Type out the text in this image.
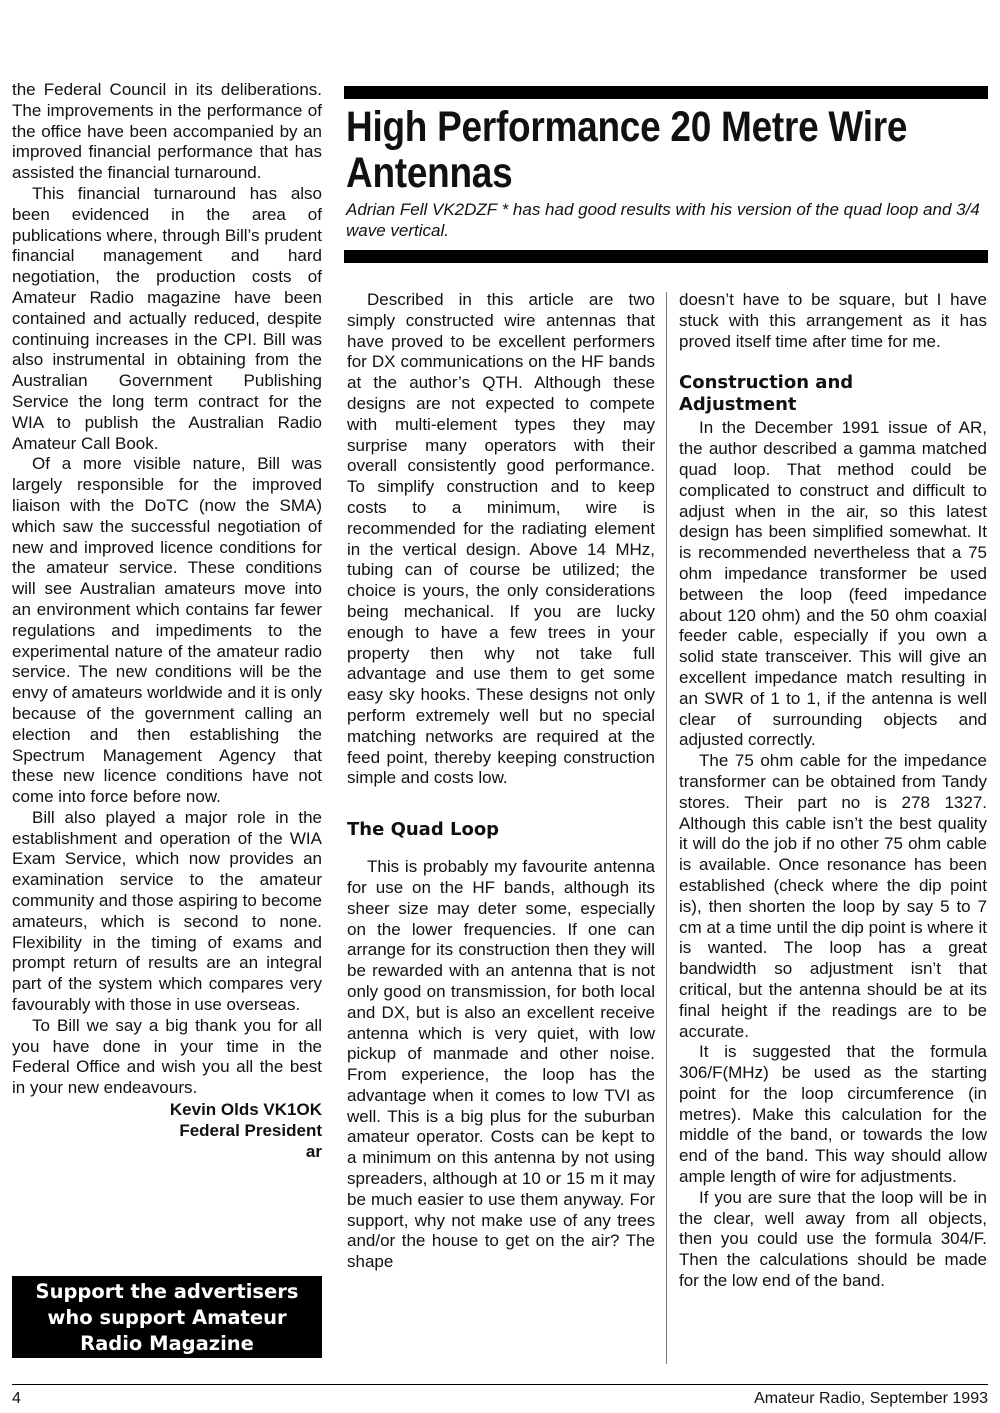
the Federal Council in its deliberations. The improvements in the performance of the office have been accompanied by an improved financial performance that has assisted the financial turnaround.

This financial turnaround has also been evidenced in the area of publications where, through Bill’s prudent financial management and hard negotiation, the production costs of Amateur Radio magazine have been contained and actually reduced, despite continuing increases in the CPI. Bill was also instrumental in obtaining from the Australian Government Publishing Service the long term contract for the WIA to publish the Australian Radio Amateur Call Book.

Of a more visible nature, Bill was largely responsible for the improved liaison with the DoTC (now the SMA) which saw the successful negotiation of new and improved licence conditions for the amateur service. These conditions will see Australian amateurs move into an environment which contains far fewer regulations and impediments to the experimental nature of the amateur radio service. The new conditions will be the envy of amateurs worldwide and it is only because of the government calling an election and then establishing the Spectrum Management Agency that these new licence conditions have not come into force before now.

Bill also played a major role in the establishment and operation of the WIA Exam Service, which now provides an examination service to the amateur community and those aspiring to become amateurs, which is second to none. Flexibility in the timing of exams and prompt return of results are an integral part of the system which compares very favourably with those in use overseas.

To Bill we say a big thank you for all you have done in your time in the Federal Office and wish you all the best in your new endeavours.

Kevin Olds VK1OK
Federal President
ar
Support the advertisers
who support Amateur
Radio Magazine
High Performance 20 Metre Wire
Antennas
Adrian Fell VK2DZF * has had good results with his version of the quad loop and 3/4 wave vertical.

Described in this article are two simply constructed wire antennas that have proved to be excellent performers for DX communications on the HF bands at the author’s QTH. Although these designs are not expected to compete with multi-element types they may surprise many operators with their overall consistently good performance. To simplify construction and to keep costs to a minimum, wire is recommended for the radiating element in the vertical design. Above 14 MHz, tubing can of course be utilized; the choice is yours, the only considerations being mechanical. If you are lucky enough to have a few trees in your property then why not take full advantage and use them to get some easy sky hooks. These designs not only perform extremely well but no special matching networks are required at the feed point, thereby keeping construction simple and costs low.

The Quad Loop

This is probably my favourite antenna for use on the HF bands, although its sheer size may deter some, especially on the lower frequencies. If one can arrange for its construction then they will be rewarded with an antenna that is not only good on transmission, for both local and DX, but is also an excellent receive antenna which is very quiet, with low pickup of manmade and other noise. From experience, the loop has the advantage when it comes to low TVI as well. This is a big plus for the suburban amateur operator. Costs can be kept to a minimum on this antenna by not using spreaders, although at 10 or 15 m it may be much easier to use them anyway. For support, why not make use of any trees and/or the house to get on the air? The shape

doesn’t have to be square, but I have stuck with this arrangement as it has proved itself time after time for me.

Construction and
Adjustment

In the December 1991 issue of AR, the author described a gamma matched quad loop. That method could be complicated to construct and difficult to adjust when in the air, so this latest design has been simplified somewhat. It is recommended nevertheless that a 75 ohm impedance transformer be used between the loop (feed impedance about 120 ohm) and the 50 ohm coaxial feeder cable, especially if you own a solid state transceiver. This will give an excellent impedance match resulting in an SWR of 1 to 1, if the antenna is well clear of surrounding objects and adjusted correctly.

The 75 ohm cable for the impedance transformer can be obtained from Tandy stores. Their part no is 278 1327. Although this cable isn’t the best quality it will do the job if no other 75 ohm cable is available. Once resonance has been established (check where the dip point is), then shorten the loop by say 5 to 7 cm at a time until the dip point is where it is wanted. The loop has a great bandwidth so adjustment isn’t that critical, but the antenna should be at its final height if the readings are to be accurate.

It is suggested that the formula 306/F(MHz) be used as the starting point for the loop circumference (in metres). Make this calculation for the middle of the band, or towards the low end of the band. This way should allow ample length of wire for adjustments.

If you are sure that the loop will be in the clear, well away from all objects, then you could use the formula 304/F. Then the calculations should be made for the low end of the band.

4	Amateur Radio, September 1993
